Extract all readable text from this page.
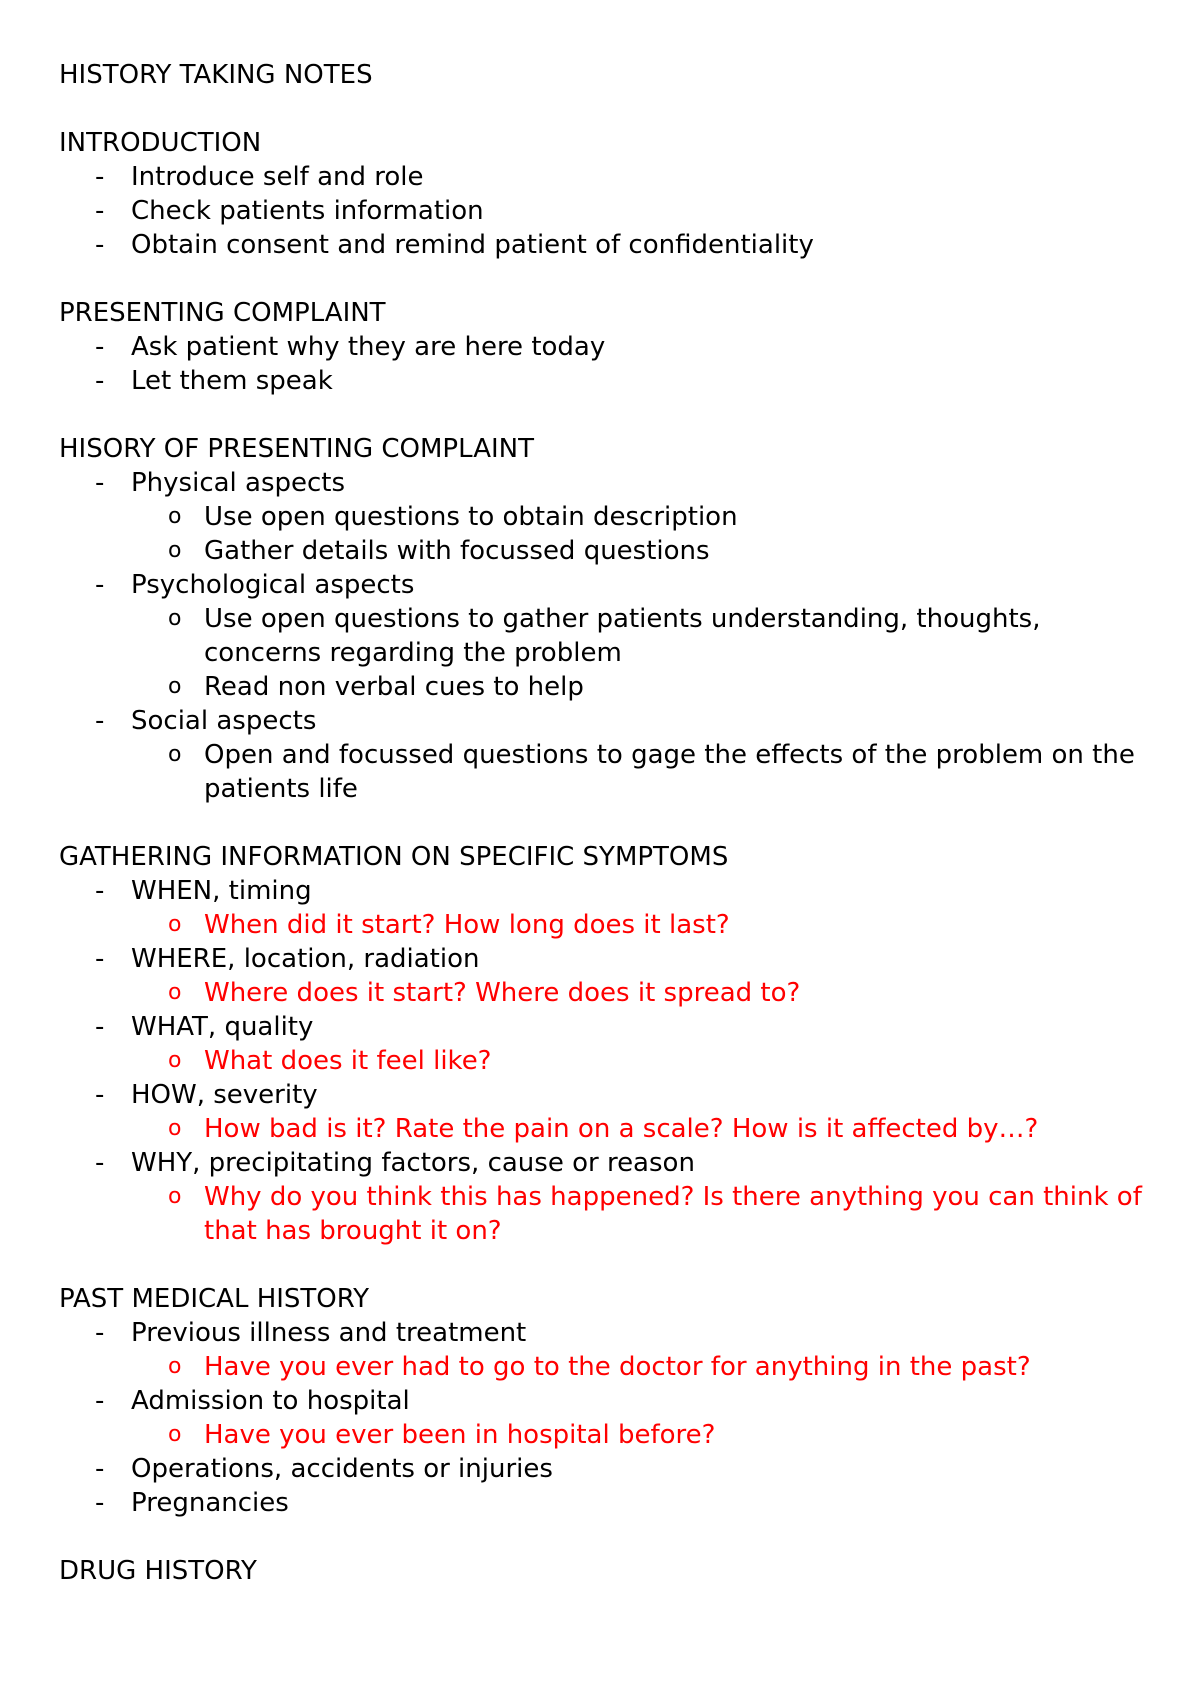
HISTORY TAKING NOTES
INTRODUCTION
- Introduce self and role
- Check patients information
- Obtain consent and remind patient of confidentiality
PRESENTING COMPLAINT
- Ask patient why they are here today
- Let them speak
HISORY OF PRESENTING COMPLAINT
- Physical aspects
o Use open questions to obtain description
o Gather details with focussed questions
- Psychological aspects
o Use open questions to gather patients understanding, thoughts, concerns regarding the problem
o Read non verbal cues to help
- Social aspects
o Open and focussed questions to gage the effects of the problem on the patients life
GATHERING INFORMATION ON SPECIFIC SYMPTOMS
- WHEN, timing
o When did it start? How long does it last?
- WHERE, location, radiation
o Where does it start? Where does it spread to?
- WHAT, quality
o What does it feel like?
- HOW, severity
o How bad is it? Rate the pain on a scale? How is it affected by…?
- WHY, precipitating factors, cause or reason
o Why do you think this has happened? Is there anything you can think of that has brought it on?
PAST MEDICAL HISTORY
- Previous illness and treatment
o Have you ever had to go to the doctor for anything in the past?
- Admission to hospital
o Have you ever been in hospital before?
- Operations, accidents or injuries
- Pregnancies
DRUG HISTORY
